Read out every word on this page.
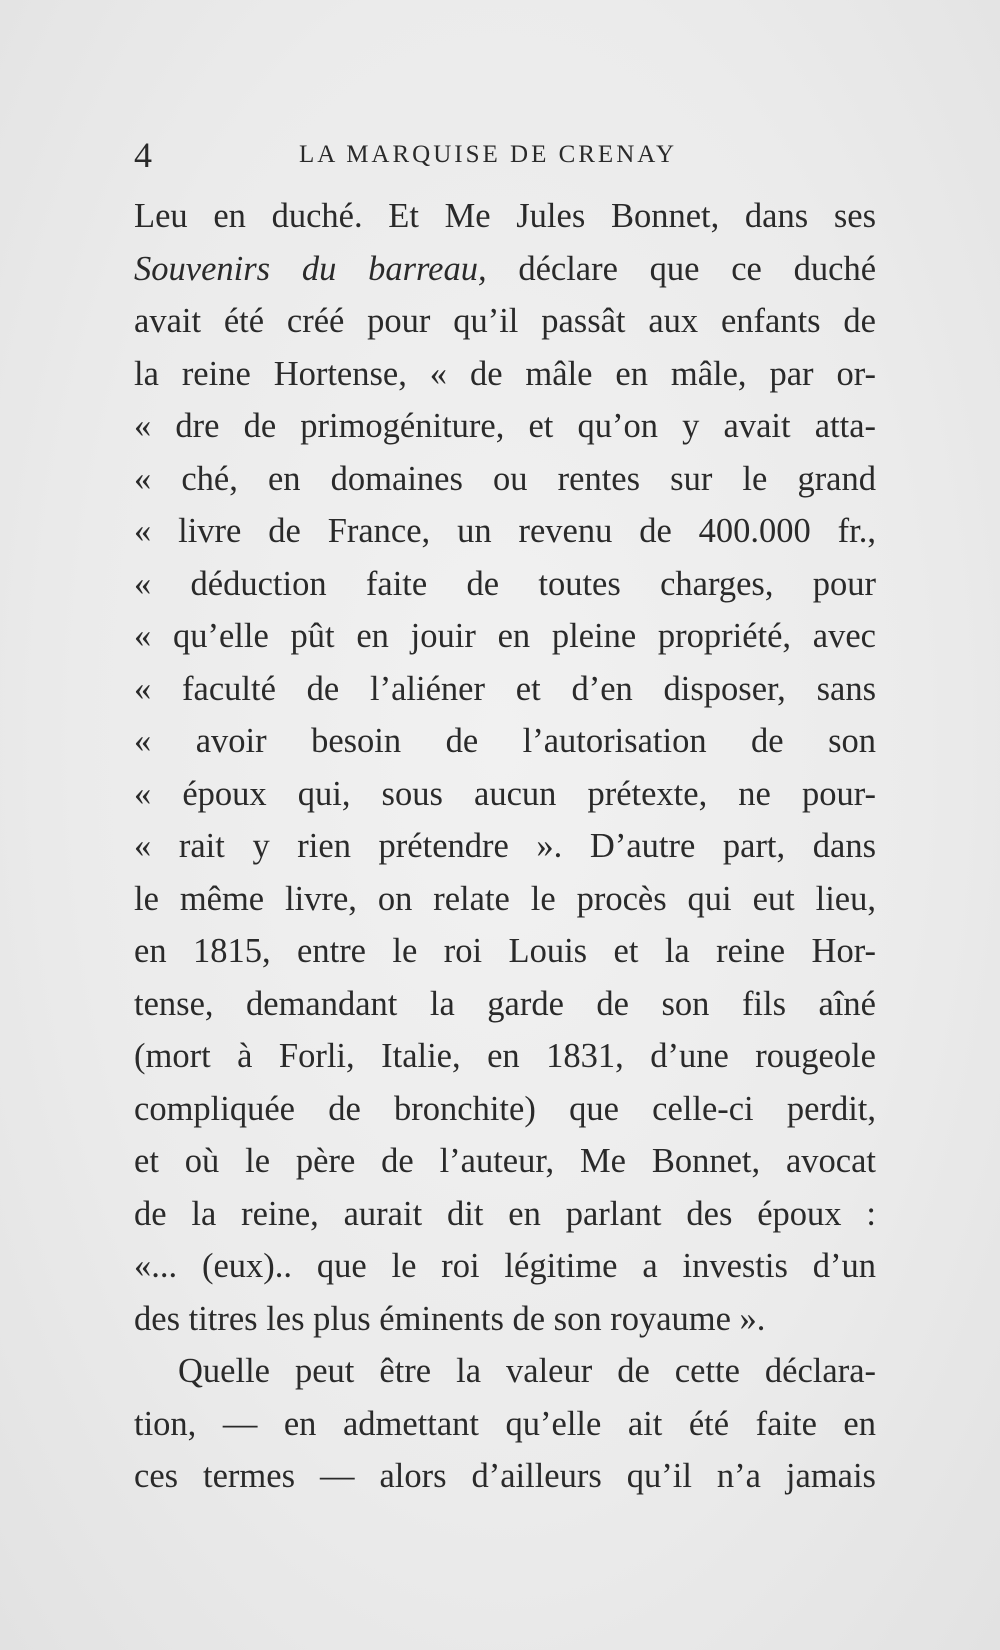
4	LA MARQUISE DE CRENAY
Leu en duché. Et Me Jules Bonnet, dans ses
Souvenirs du barreau, déclare que ce duché
avait été créé pour qu’il passât aux enfants de
la reine Hortense, « de mâle en mâle, par or-
« dre de primogéniture, et qu’on y avait atta-
« ché, en domaines ou rentes sur le grand
« livre de France, un revenu de 400.000 fr.,
« déduction faite de toutes charges, pour
« qu’elle pût en jouir en pleine propriété, avec
« faculté de l’aliéner et d’en disposer, sans
« avoir besoin de l’autorisation de son
« époux qui, sous aucun prétexte, ne pour-
« rait y rien prétendre ». D’autre part, dans
le même livre, on relate le procès qui eut lieu,
en 1815, entre le roi Louis et la reine Hor-
tense, demandant la garde de son fils aîné
(mort à Forli, Italie, en 1831, d’une rougeole
compliquée de bronchite) que celle-ci perdit,
et où le père de l’auteur, Me Bonnet, avocat
de la reine, aurait dit en parlant des époux :
«... (eux).. que le roi légitime a investis d’un
des titres les plus éminents de son royaume ».
Quelle peut être la valeur de cette déclara-
tion, — en admettant qu’elle ait été faite en
ces termes — alors d’ailleurs qu’il n’a jamais
